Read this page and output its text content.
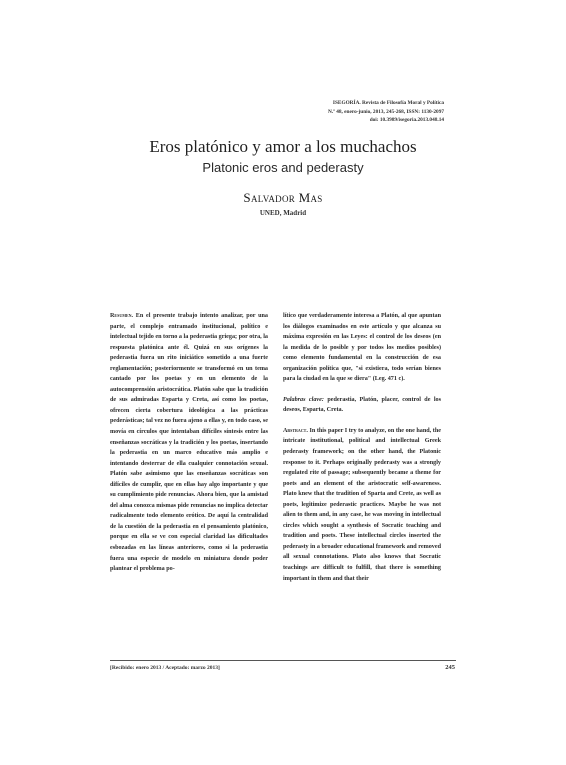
ISEGORÍA. Revista de Filosofía Moral y Política
N.º 48, enero-junio, 2013, 245-268, ISSN: 1130-2097
doi: 10.3989/isegoria.2013.048.14
Eros platónico y amor a los muchachos
Platonic eros and pederasty
Salvador Mas
UNED, Madrid

Resumen. En el presente trabajo intento analizar, por una parte, el complejo entramado institucional, político e intelectual tejido en torno a la pederastia griega; por otra, la respuesta platónica ante él. Quizá en sus orígenes la pederastia fuera un rito iniciático sometido a una fuerte reglamentación; posteriormente se transformó en un tema cantado por los poetas y en un elemento de la autocomprensión aristocrática. Platón sabe que la tradición de sus admiradas Esparta y Creta, así como los poetas, ofrecen cierta cobertura ideológica a las prácticas pederásticas; tal vez no fuera ajeno a ellas y, en todo caso, se movía en círculos que intentaban difíciles síntesis entre las enseñanzas socráticas y la tradición y los poetas, insertando la pederastia en un marco educativo más amplio e intentando desterrar de ella cualquier connotación sexual. Platón sabe asimismo que las enseñanzas socráticas son difíciles de cumplir, que en ellas hay algo importante y que su cumplimiento pide renuncias. Ahora bien, que la amistad del alma conozca mismas pide renuncias no implica detectar radicalmente todo elemento erótico. De aquí la centralidad de la cuestión de la pederastia en el pensamiento platónico, porque en ella se ve con especial claridad las dificultades esbozadas en las líneas anteriores, como si la pederastia fuera una especie de modelo en miniatura donde poder plantear el problema po-

lítico que verdaderamente interesa a Platón, al que apuntan los diálogos examinados en este artículo y que alcanza su máxima expresión en las Leyes: el control de los deseos (en la medida de lo posible y por todos los medios posibles) como elemento fundamental en la construcción de esa organización política que, "si existiera, todo serían bienes para la ciudad en la que se diera" (Leg. 471 c).

Palabras clave: pederastia, Platón, placer, control de los deseos, Esparta, Creta.

Abstract. In this paper I try to analyze, on the one hand, the intricate institutional, political and intellectual Greek pederasty framework; on the other hand, the Platonic response to it. Perhaps originally pederasty was a strongly regulated rite of passage; subsequently became a theme for poets and an element of the aristocratic self-awareness. Plato knew that the tradition of Sparta and Crete, as well as poets, legitimize pederastic practices. Maybe he was not alien to them and, in any case, he was moving in intellectual circles which sought a synthesis of Socratic teaching and tradition and poets. These intellectual circles inserted the pederasty in a broader educational framework and removed all sexual connotations. Plato also knows that Socratic teachings are difficult to fulfill, that there is something important in them and that their

[Recibido: enero 2013 / Aceptado: marzo 2013]	245
